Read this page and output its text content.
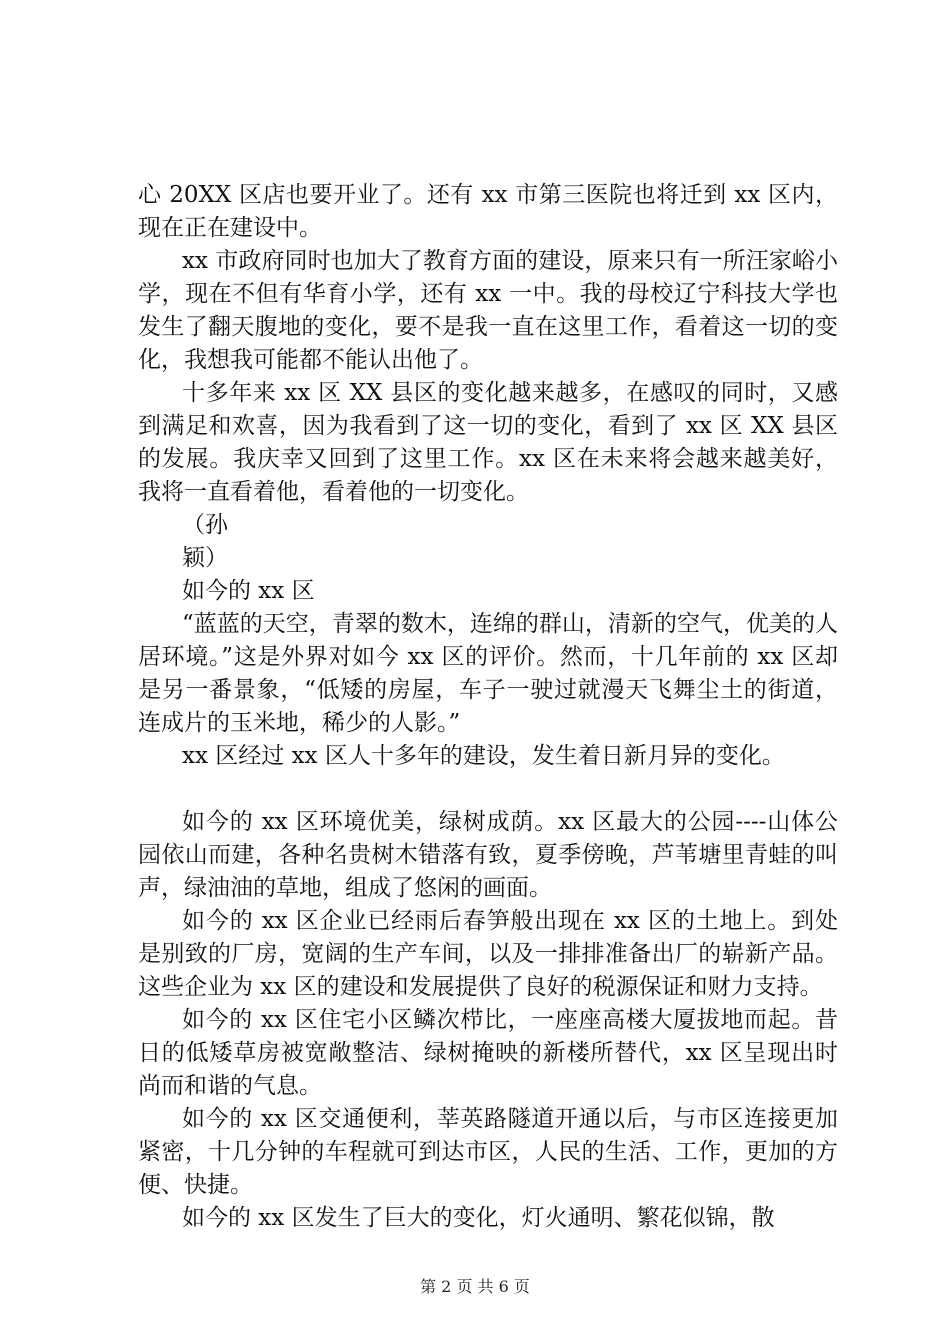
心 20XX 区店也要开业了。还有 xx 市第三医院也将迁到 xx 区内，现在正在建设中。

xx 市政府同时也加大了教育方面的建设，原来只有一所汪家峪小学，现在不但有华育小学，还有 xx 一中。我的母校辽宁科技大学也发生了翻天腹地的变化，要不是我一直在这里工作，看着这一切的变化，我想我可能都不能认出他了。

十多年来 xx 区 XX 县区的变化越来越多，在感叹的同时，又感到满足和欢喜，因为我看到了这一切的变化，看到了 xx 区 XX 县区的发展。我庆幸又回到了这里工作。xx 区在未来将会越来越美好，我将一直看着他，看着他的一切变化。

（孙

颖）

如今的 xx 区

“蓝蓝的天空，青翠的数木，连绵的群山，清新的空气，优美的人居环境。”这是外界对如今 xx 区的评价。然而，十几年前的 xx 区却是另一番景象，“低矮的房屋，车子一驶过就漫天飞舞尘土的街道，连成片的玉米地，稀少的人影。”

xx 区经过 xx 区人十多年的建设，发生着日新月异的变化。

如今的 xx 区环境优美，绿树成荫。xx 区最大的公园----山体公园依山而建，各种名贵树木错落有致，夏季傍晚，芦苇塘里青蛙的叫声，绿油油的草地，组成了悠闲的画面。

如今的 xx 区企业已经雨后春笋般出现在 xx 区的土地上。到处是别致的厂房，宽阔的生产车间，以及一排排准备出厂的崭新产品。这些企业为 xx 区的建设和发展提供了良好的税源保证和财力支持。

如今的 xx 区住宅小区鳞次栉比，一座座高楼大厦拔地而起。昔日的低矮草房被宽敞整洁、绿树掩映的新楼所替代，xx 区呈现出时尚而和谐的气息。

如今的 xx 区交通便利，莘英路隧道开通以后，与市区连接更加紧密，十几分钟的车程就可到达市区，人民的生活、工作，更加的方便、快捷。

如今的 xx 区发生了巨大的变化，灯火通明、繁花似锦，散

第 2 页 共 6 页
